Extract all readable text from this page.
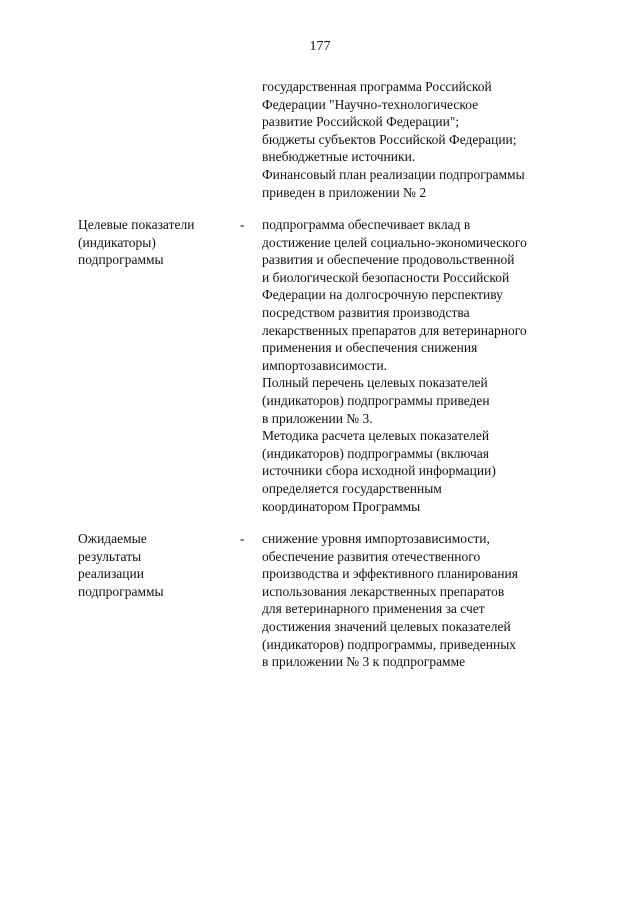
177
государственная программа Российской
Федерации "Научно-технологическое
развитие Российской Федерации";
бюджеты субъектов Российской Федерации;
внебюджетные источники.
Финансовый план реализации подпрограммы
приведен в приложении № 2
Целевые показатели
(индикаторы)
подпрограммы
- подпрограмма обеспечивает вклад в
достижение целей социально-экономического
развития и обеспечение продовольственной
и биологической безопасности Российской
Федерации на долгосрочную перспективу
посредством развития производства
лекарственных препаратов для ветеринарного
применения и обеспечения снижения
импортозависимости.
Полный перечень целевых показателей
(индикаторов) подпрограммы приведен
в приложении № 3.
Методика расчета целевых показателей
(индикаторов) подпрограммы (включая
источники сбора исходной информации)
определяется государственным
координатором Программы
Ожидаемые
результаты
реализации
подпрограммы
- снижение уровня импортозависимости,
обеспечение развития отечественного
производства и эффективного планирования
использования лекарственных препаратов
для ветеринарного применения за счет
достижения значений целевых показателей
(индикаторов) подпрограммы, приведенных
в приложении № 3 к подпрограмме
